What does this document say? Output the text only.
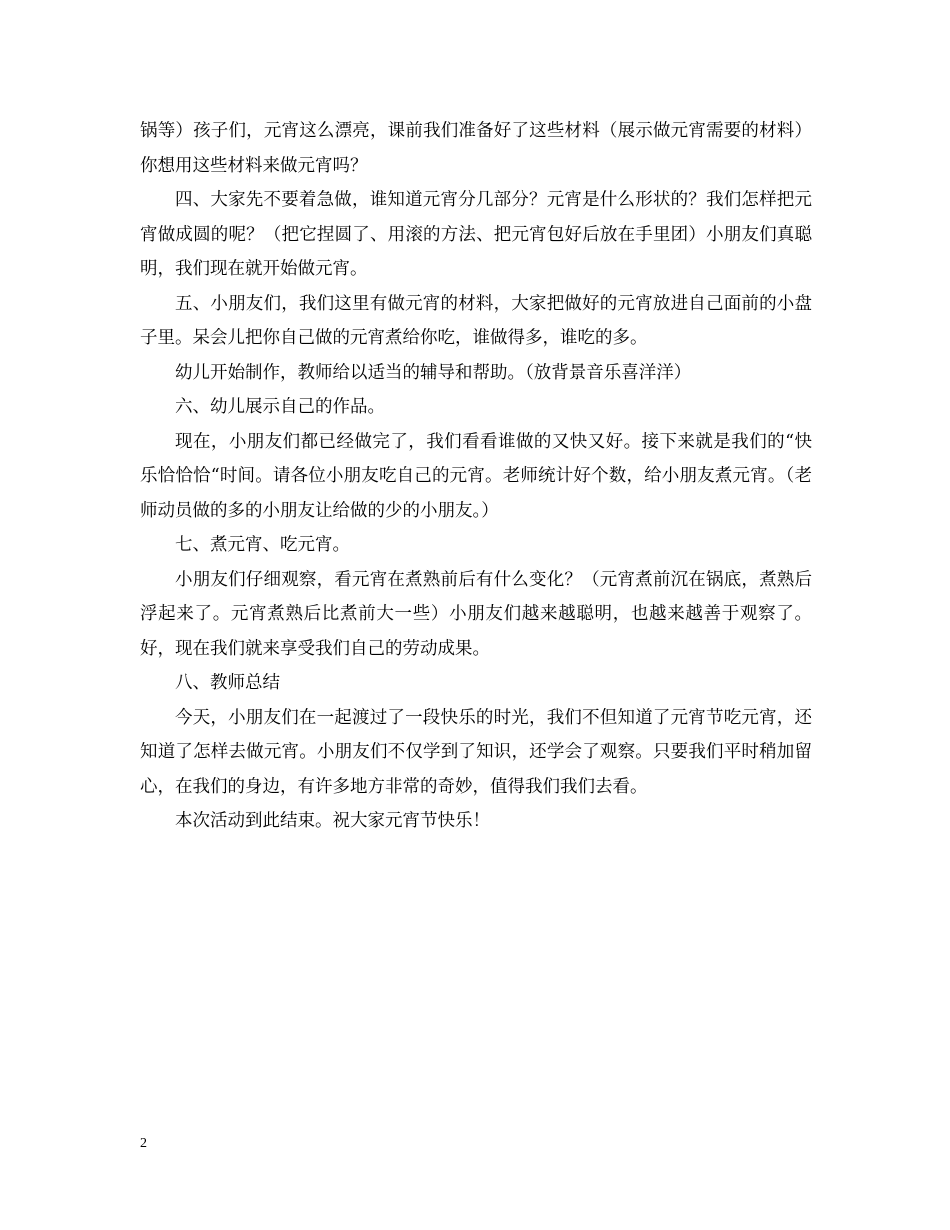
锅等）孩子们，元宵这么漂亮，课前我们准备好了这些材料（展示做元宵需要的材料）你想用这些材料来做元宵吗？

四、大家先不要着急做，谁知道元宵分几部分？元宵是什么形状的？我们怎样把元宵做成圆的呢？（把它捏圆了、用滚的方法、把元宵包好后放在手里团）小朋友们真聪明，我们现在就开始做元宵。

五、小朋友们，我们这里有做元宵的材料，大家把做好的元宵放进自己面前的小盘子里。呆会儿把你自己做的元宵煮给你吃，谁做得多，谁吃的多。

幼儿开始制作，教师给以适当的辅导和帮助。（放背景音乐喜洋洋）

六、幼儿展示自己的作品。

现在，小朋友们都已经做完了，我们看看谁做的又快又好。接下来就是我们的“快乐恰恰恰“时间。请各位小朋友吃自己的元宵。老师统计好个数，给小朋友煮元宵。（老师动员做的多的小朋友让给做的少的小朋友。）

七、煮元宵、吃元宵。

小朋友们仔细观察，看元宵在煮熟前后有什么变化？（元宵煮前沉在锅底，煮熟后浮起来了。元宵煮熟后比煮前大一些）小朋友们越来越聪明，也越来越善于观察了。好，现在我们就来享受我们自己的劳动成果。

八、教师总结

今天，小朋友们在一起渡过了一段快乐的时光，我们不但知道了元宵节吃元宵，还知道了怎样去做元宵。小朋友们不仅学到了知识，还学会了观察。只要我们平时稍加留心，在我们的身边，有许多地方非常的奇妙，值得我们我们去看。

本次活动到此结束。祝大家元宵节快乐！

2
